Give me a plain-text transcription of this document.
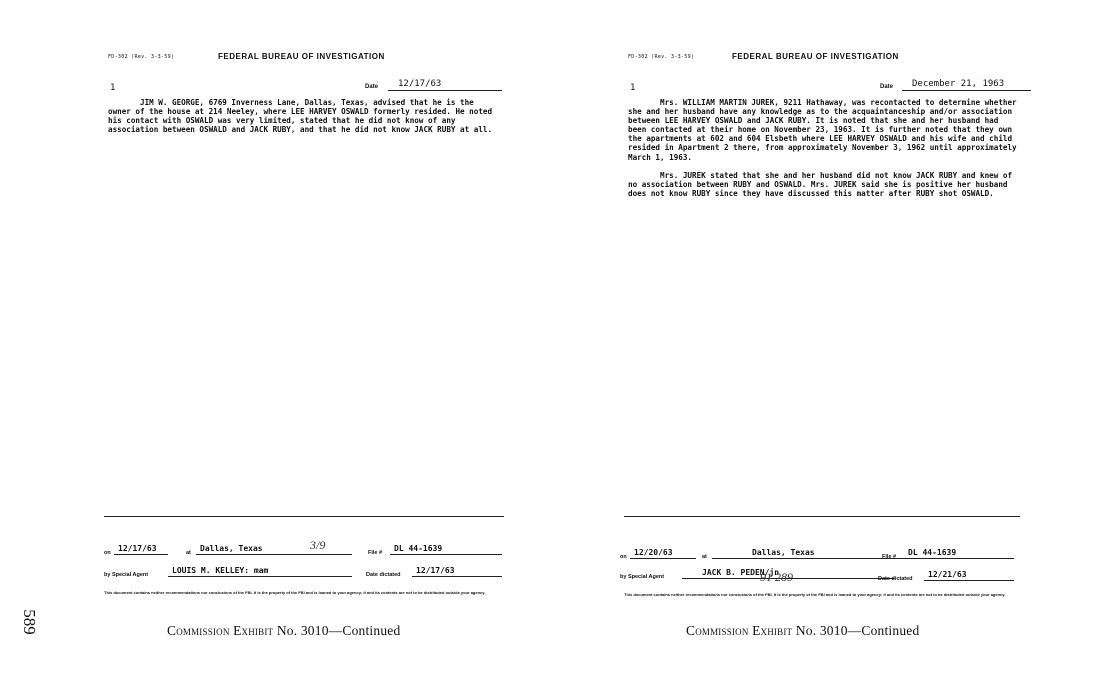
589
FD-302 (Rev. 3-3-59)	FEDERAL BUREAU OF INVESTIGATION
1	Date	12/17/63

JIM W. GEORGE, 6769 Inverness Lane, Dallas, Texas, advised that he is the owner of the house at 214 Neeley, where LEE HARVEY OSWALD formerly resided. He noted his contact with OSWALD was very limited, stated that he did not know of any association between OSWALD and JACK RUBY, and that he did not know JACK RUBY at all.

on 12/17/63	at	Dallas, Texas	3/9
File #	DL 44-1639
by Special Agent	LOUIS M. KELLEY: mam	Date dictated	12/17/63
This document contains neither recommendations nor conclusions of the FBI. It is the property of the FBI and is loaned to your agency; it and its contents are not to be distributed outside your agency.
FD-302 (Rev. 3-3-59)	FEDERAL BUREAU OF INVESTIGATION
1	Date	December 21, 1963

Mrs. WILLIAM MARTIN JUREK, 9211 Hathaway, was recontacted to determine whether she and her husband have any knowledge as to the acquaintanceship and/or association between LEE HARVEY OSWALD and JACK RUBY. It is noted that she and her husband had been contacted at their home on November 23, 1963. It is further noted that they own the apartments at 602 and 604 Elsbeth where LEE HARVEY OSWALD and his wife and child resided in Apartment 2 there, from approximately November 3, 1962 until approximately March 1, 1963.

Mrs. JUREK stated that she and her husband did not know JACK RUBY and knew of no association between RUBY and OSWALD. Mrs. JUREK said she is positive her husband does not know RUBY since they have discussed this matter after RUBY shot OSWALD.

on 12/20/63	at	Dallas, Texas	File #	DL 44-1639
by Special Agent	JACK B. PEDEN/jn
91 289	Date dictated	12/21/63
This document contains neither recommendations nor conclusions of the FBI. It is the property of the FBI and is loaned to your agency; it and its contents are not to be distributed outside your agency.
Commission Exhibit No. 3010—Continued	Commission Exhibit No. 3010—Continued
